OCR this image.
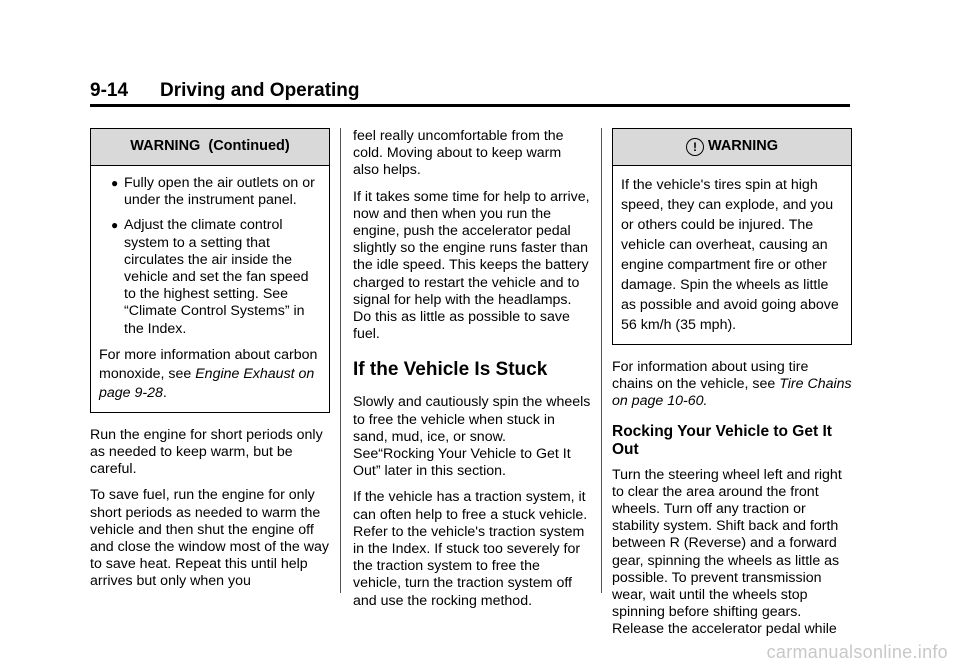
9-14 Driving and Operating
WARNING  (Continued)
● Fully open the air outlets on or under the instrument panel.
● Adjust the climate control system to a setting that circulates the air inside the vehicle and set the fan speed to the highest setting. See “Climate Control Systems” in the Index.

For more information about carbon monoxide, see Engine Exhaust on page 9-28.

Run the engine for short periods only as needed to keep warm, but be careful.

To save fuel, run the engine for only short periods as needed to warm the vehicle and then shut the engine off and close the window most of the way to save heat. Repeat this until help arrives but only when you

feel really uncomfortable from the cold. Moving about to keep warm also helps.

If it takes some time for help to arrive, now and then when you run the engine, push the accelerator pedal slightly so the engine runs faster than the idle speed. This keeps the battery charged to restart the vehicle and to signal for help with the headlamps. Do this as little as possible to save fuel.

If the Vehicle Is Stuck

Slowly and cautiously spin the wheels to free the vehicle when stuck in sand, mud, ice, or snow. See“Rocking Your Vehicle to Get It Out” later in this section.

If the vehicle has a traction system, it can often help to free a stuck vehicle. Refer to the vehicle's traction system in the Index. If stuck too severely for the traction system to free the vehicle, turn the traction system off and use the rocking method.

! WARNING

If the vehicle's tires spin at high speed, they can explode, and you or others could be injured. The vehicle can overheat, causing an engine compartment fire or other damage. Spin the wheels as little as possible and avoid going above 56 km/h (35 mph).

For information about using tire chains on the vehicle, see Tire Chains on page 10-60.

Rocking Your Vehicle to Get It Out

Turn the steering wheel left and right to clear the area around the front wheels. Turn off any traction or stability system. Shift back and forth between R (Reverse) and a forward gear, spinning the wheels as little as possible. To prevent transmission wear, wait until the wheels stop spinning before shifting gears. Release the accelerator pedal while

carmanualsonline.info
